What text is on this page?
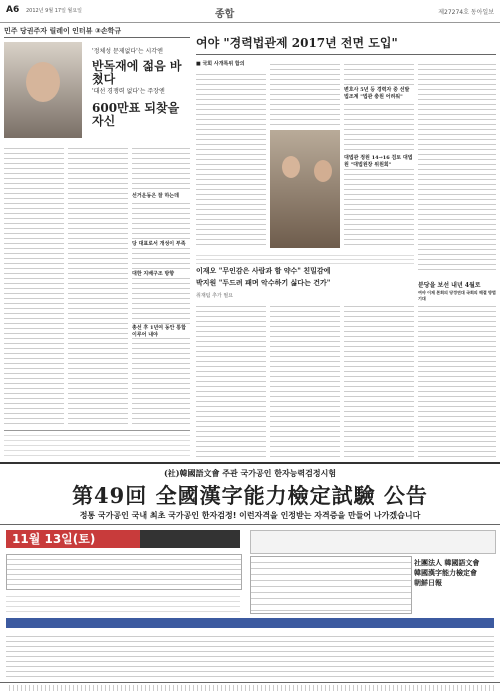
A6 2012년 9월 17일 월요일	종합	제27274호 동아일보
민주 당권주자 릴레이 인터뷰 ③손학규
'정체성 문제없다'는 시각엔
반독재에 젊음 바쳤다
'대선 경쟁력 없다'는 주장엔
600만표 되찾을 자신
선거운동은 잘 하는데
당 대표로서 개성이 부족
대한 지배구조 방향
총선 후 1년여 동안 통합 이루어 내야
여야 "경력법관제 2017년 전면 도입"
■ 국회 사개특위 합의
변호사 5년 등 경력자 중 선발 법조계 "법관 충원 어려워"
대법관 정원 14→16 검토 대법원 "대법원장 위원회"
이재오 "무인감은 사람과 함 약수" 친밀감에
박지원 "두드려 패며 악수하기 싫다는 건가"
취재팀 추가 필요
분당을 보선 내년 4월로
여야 이제 본회의 당정연대 국회의 해결 방법 기대
(社)韓國語文會 주관 국가공인 한자능력검정시험
第49回 全國漢字能力檢定試驗 公告
정통 국가공인 국내 최초 국가공인 한자검정! 이런자격을 인정받는 자격증을 만들어 나가겠습니다
11월 13일(토)
社團法人 韓國語文會
韓國漢字能力檢定會
朝鮮日報
